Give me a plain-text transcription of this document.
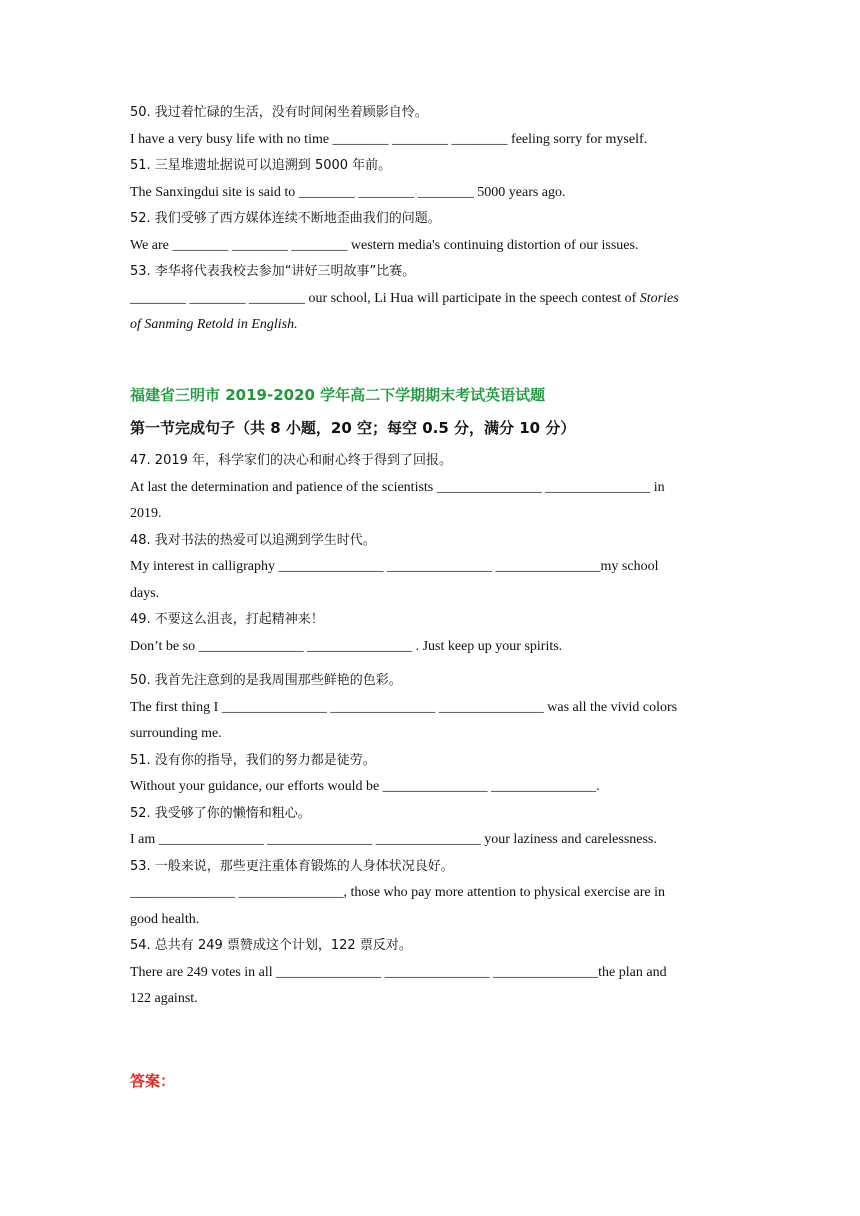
50. 我过着忙碌的生活，没有时间闲坐着顾影自怜。

I have a very busy life with no time ________ ________ ________ feeling sorry for myself.

51. 三星堆遗址据说可以追溯到 5000 年前。

The Sanxingdui site is said to ________ ________ ________ 5000 years ago.

52. 我们受够了西方媒体连续不断地歪曲我们的问题。

We are ________ ________ ________ western media's continuing distortion of our issues.

53. 李华将代表我校去参加“讲好三明故事”比赛。

________ ________ ________ our school, Li Hua will participate in the speech contest of Stories

of Sanming Retold in English.

福建省三明市 2019-2020 学年高二下学期期末考试英语试题
第一节完成句子（共 8 小题，20 空；每空 0.5 分，满分 10 分）

47. 2019 年，科学家们的决心和耐心终于得到了回报。

At last the determination and patience of the scientists _______________ _______________ in

2019.

48. 我对书法的热爱可以追溯到学生时代。

My interest in calligraphy _______________ _______________ _______________my school

days.

49. 不要这么沮丧，打起精神来！

Don’t be so _______________ _______________ . Just keep up your spirits.

50. 我首先注意到的是我周围那些鲜艳的色彩。

The first thing I _______________ _______________ _______________ was all the vivid colors

surrounding me.

51. 没有你的指导，我们的努力都是徒劳。

Without your guidance, our efforts would be _______________ _______________.

52. 我受够了你的懒惰和粗心。

I am _______________ _______________ _______________ your laziness and carelessness.

53. 一般来说，那些更注重体育锻炼的人身体状况良好。

_______________ _______________, those who pay more attention to physical exercise are in

good health.

54. 总共有 249 票赞成这个计划，122 票反对。

There are 249 votes in all _______________ _______________ _______________the plan and

122 against.

答案：
